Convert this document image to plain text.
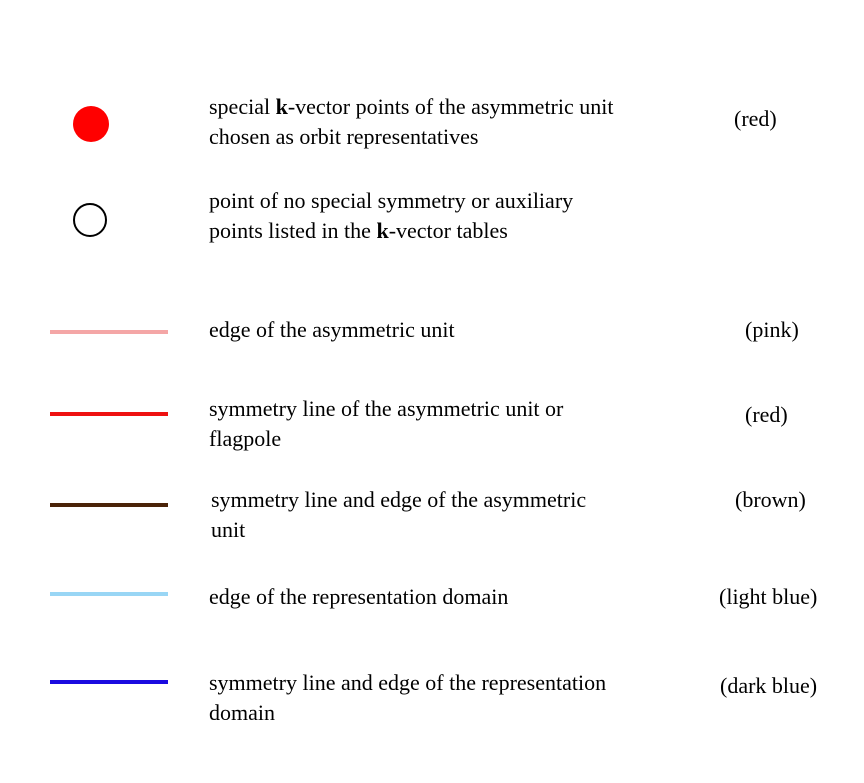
special k-vector points of the asymmetric unit
chosen as orbit representatives
(red)
point of no special symmetry or auxiliary
points listed in the k-vector tables
edge of the asymmetric unit	(pink)
symmetry line of the asymmetric unit or
flagpole
(red)
symmetry line and edge of the asymmetric
unit
(brown)
edge of the representation domain	(light blue)
symmetry line and edge of the representation
domain
(dark blue)
